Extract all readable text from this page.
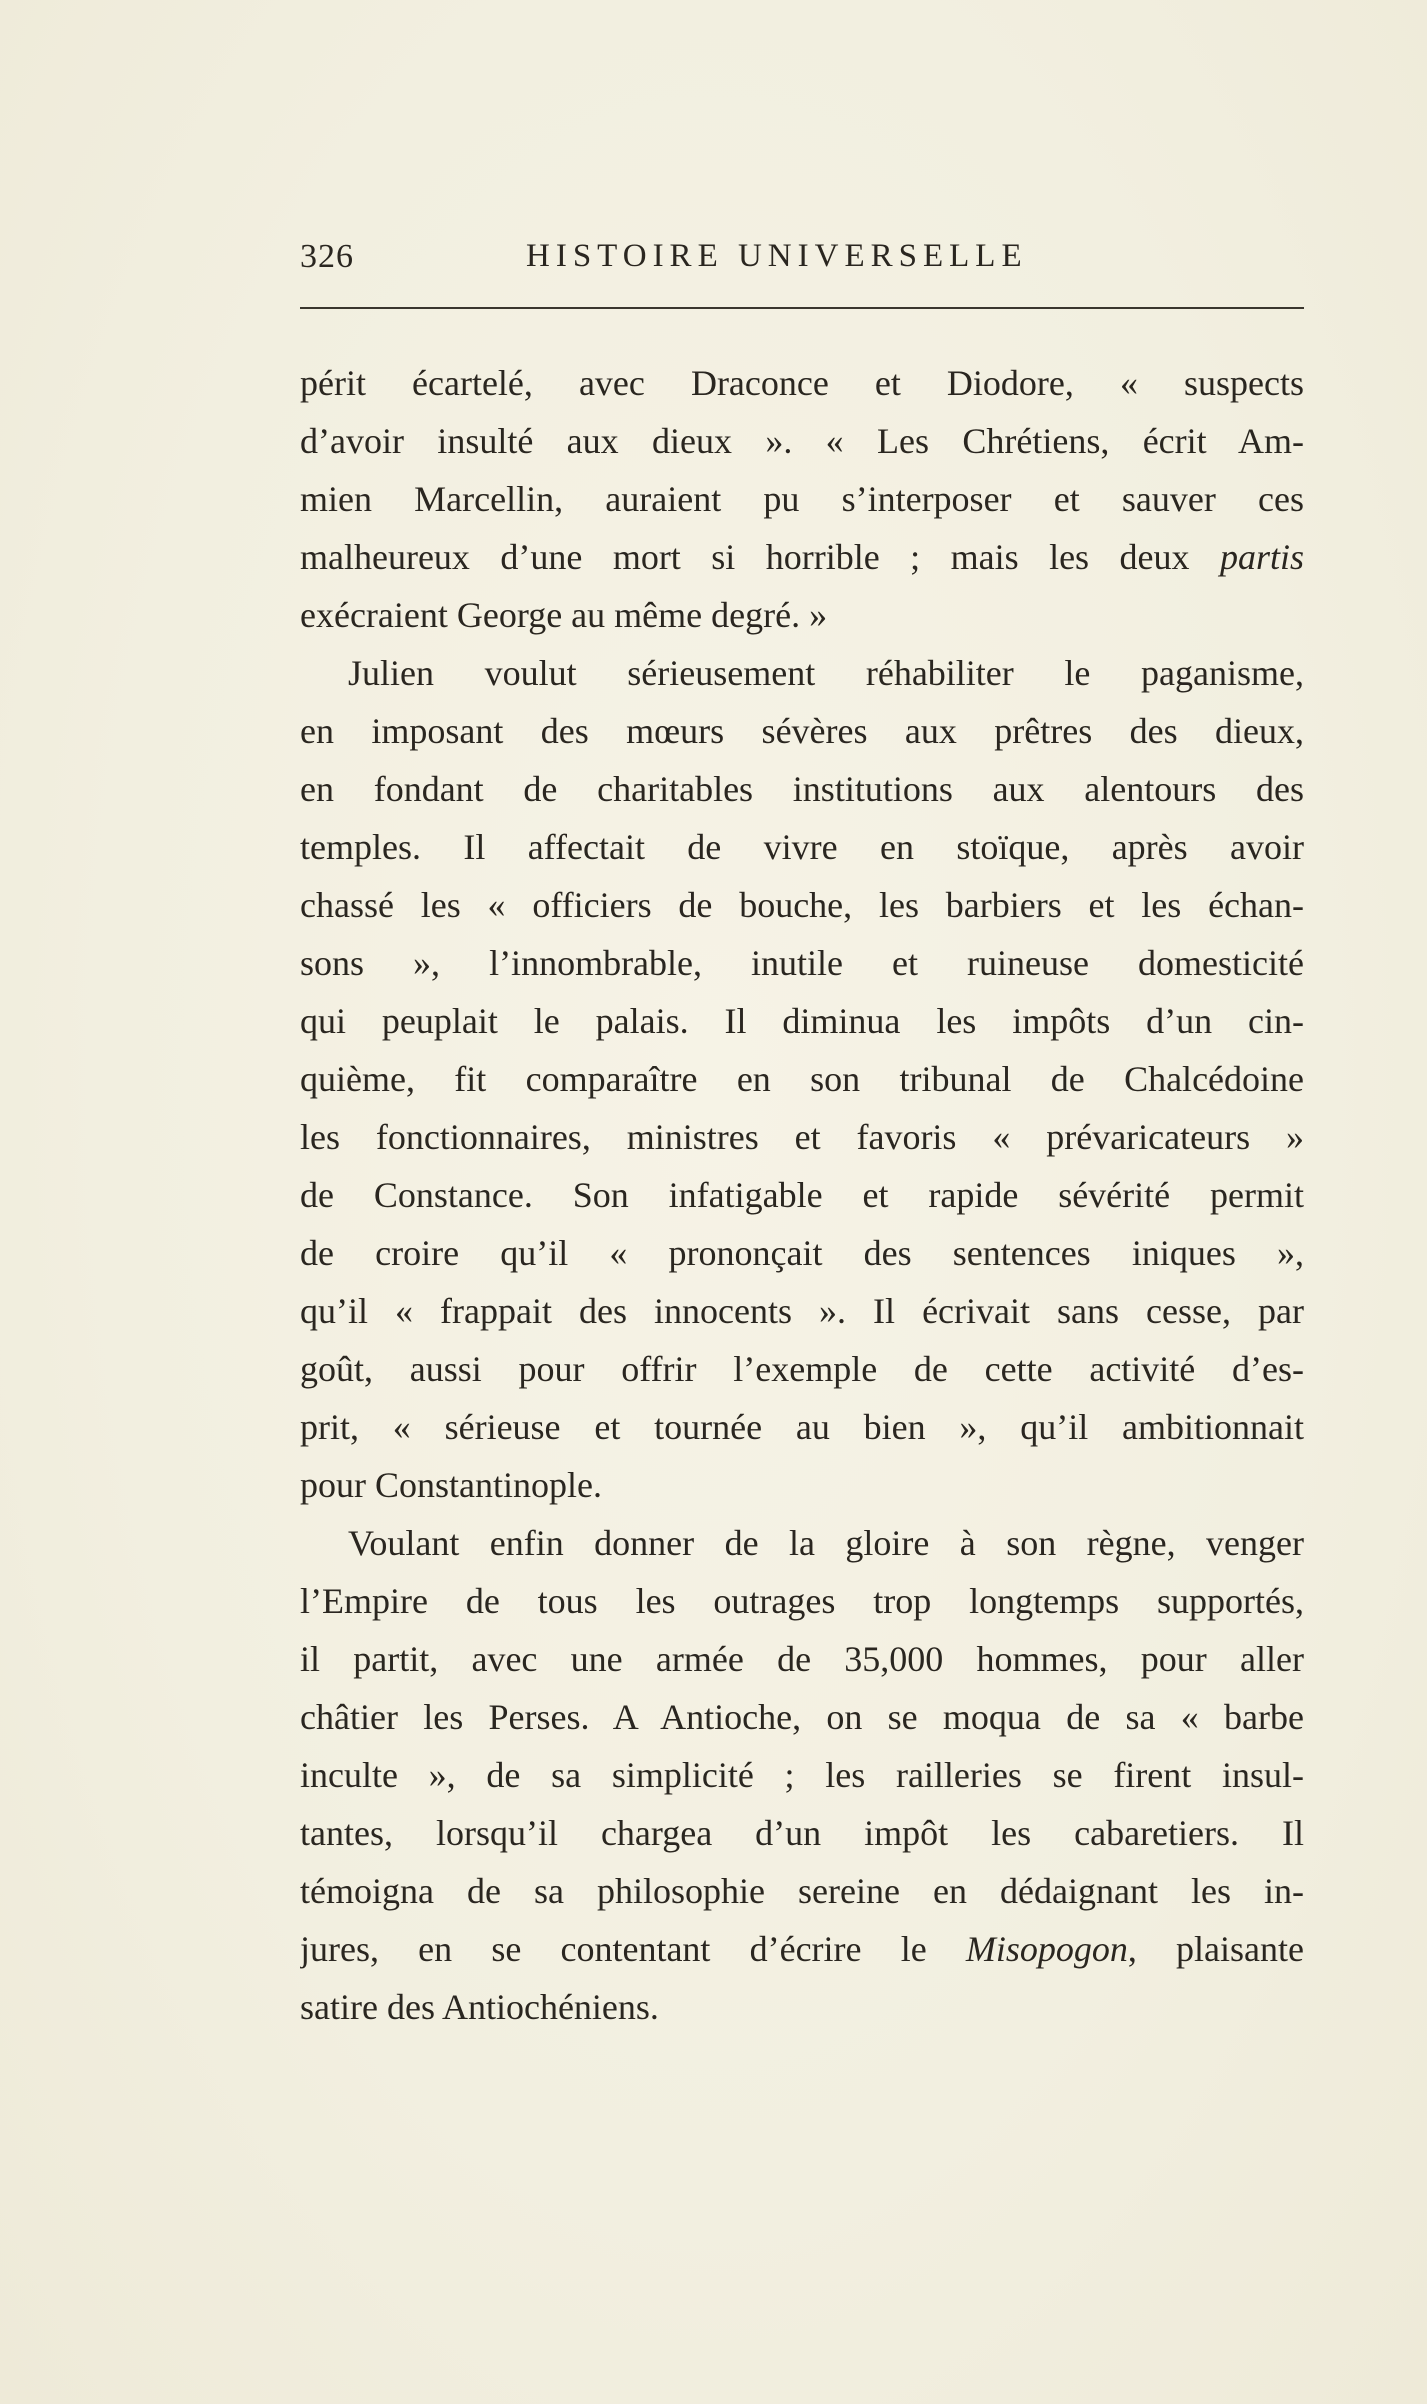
326	HISTOIRE UNIVERSELLE
périt écartelé, avec Draconce et Diodore, « suspects
d’avoir insulté aux dieux ». « Les Chrétiens, écrit Am-
mien Marcellin, auraient pu s’interposer et sauver ces
malheureux d’une mort si horrible ; mais les deux partis
exécraient George au même degré. »
Julien voulut sérieusement réhabiliter le paganisme,
en imposant des mœurs sévères aux prêtres des dieux,
en fondant de charitables institutions aux alentours des
temples. Il affectait de vivre en stoïque, après avoir
chassé les « officiers de bouche, les barbiers et les échan-
sons », l’innombrable, inutile et ruineuse domesticité
qui peuplait le palais. Il diminua les impôts d’un cin-
quième, fit comparaître en son tribunal de Chalcédoine
les fonctionnaires, ministres et favoris « prévaricateurs »
de Constance. Son infatigable et rapide sévérité permit
de croire qu’il « prononçait des sentences iniques »,
qu’il « frappait des innocents ». Il écrivait sans cesse, par
goût, aussi pour offrir l’exemple de cette activité d’es-
prit, « sérieuse et tournée au bien », qu’il ambitionnait
pour Constantinople.
Voulant enfin donner de la gloire à son règne, venger
l’Empire de tous les outrages trop longtemps supportés,
il partit, avec une armée de 35,000 hommes, pour aller
châtier les Perses. A Antioche, on se moqua de sa « barbe
inculte », de sa simplicité ; les railleries se firent insul-
tantes, lorsqu’il chargea d’un impôt les cabaretiers. Il
témoigna de sa philosophie sereine en dédaignant les in-
jures, en se contentant d’écrire le Misopogon, plaisante
satire des Antiochéniens.
